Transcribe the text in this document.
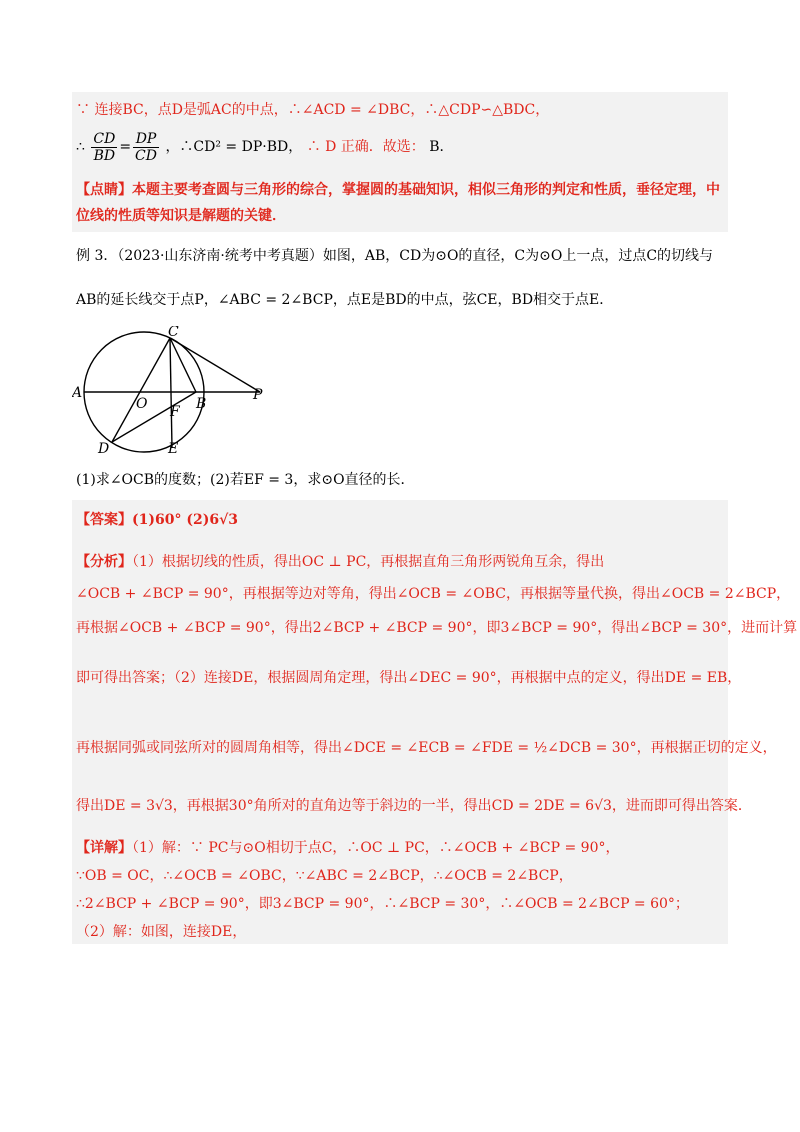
∵ 连接BC，点D是弧AC的中点，∴∠ACD = ∠DBC，∴△CDP∽△BDC，
∴ $\frac{CD}{BD} = \frac{DP}{CD}$ ，∴CD² = DP·BD， ∴ D 正确．故选： B．
【点睛】本题主要考查圆与三角形的综合，掌握圆的基础知识，相似三角形的判定和性质，垂径定理，中
位线的性质等知识是解题的关键．
例 3．（2023·山东济南·统考中考真题）如图，AB，CD为⊙O的直径，C为⊙O上一点，过点C的切线与
AB的延长线交于点P，∠ABC = 2∠BCP，点E是BD的中点，弦CE，BD相交于点E．
A
C
O	B
F
P
D	E
(1)求∠OCB的度数；(2)若EF = 3，求⊙O直径的长．
【答案】(1)60° (2)6√3
【分析】（1）根据切线的性质，得出OC ⊥ PC，再根据直角三角形两锐角互余，得出
∠OCB + ∠BCP = 90°，再根据等边对等角，得出∠OCB = ∠OBC，再根据等量代换，得出∠OCB = 2∠BCP，
再根据∠OCB + ∠BCP = 90°，得出2∠BCP + ∠BCP = 90°，即3∠BCP = 90°，得出∠BCP = 30°，进而计算
即可得出答案；（2）连接DE，根据圆周角定理，得出∠DEC = 90°，再根据中点的定义，得出DE = EB，
再根据同弧或同弦所对的圆周角相等，得出∠DCE = ∠ECB = ∠FDE = ½∠DCB = 30°，再根据正切的定义，
得出DE = 3√3，再根据30°角所对的直角边等于斜边的一半，得出CD = 2DE = 6√3，进而即可得出答案．
【详解】（1）解：∵ PC与⊙O相切于点C，∴OC ⊥ PC，∴∠OCB + ∠BCP = 90°，
∵OB = OC，∴∠OCB = ∠OBC，∵∠ABC = 2∠BCP，∴∠OCB = 2∠BCP，
∴2∠BCP + ∠BCP = 90°，即3∠BCP = 90°，∴∠BCP = 30°，∴∠OCB = 2∠BCP = 60°；
（2）解：如图，连接DE，
